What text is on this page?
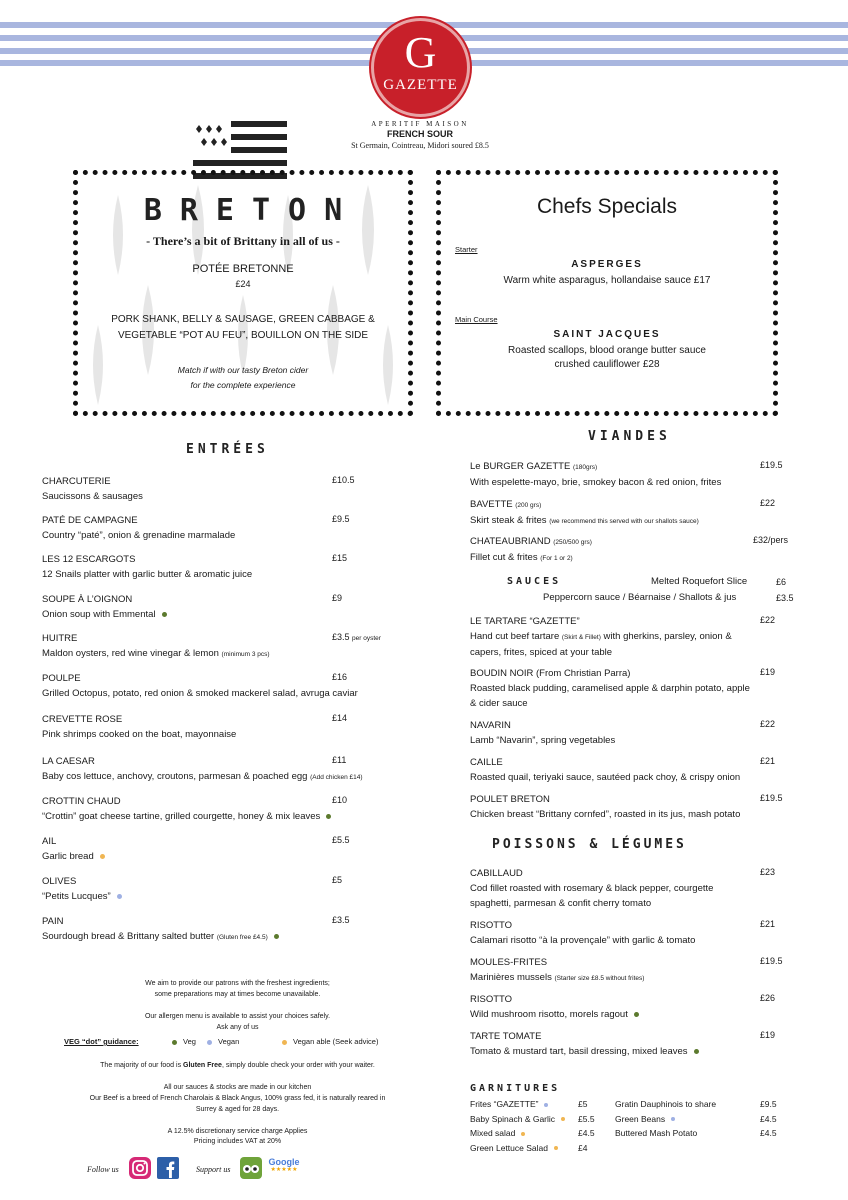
G
GAZETTE
APERITIF MAISON
FRENCH SOUR
St Germain, Cointreau, Midori soured £8.5
BRETON
- There’s a bit of Brittany in all of us -
POTÉE BRETONNE
£24
PORK SHANK, BELLY & SAUSAGE, GREEN CABBAGE & VEGETABLE “POT AU FEU”, BOUILLON ON THE SIDE
Match if with our tasty Breton cider
for the complete experience
Chefs Specials
Starter
ASPERGES
Warm white asparagus, hollandaise sauce £17
Main Course
SAINT JACQUES
Roasted scallops, blood orange butter sauce
crushed cauliflower £28
ENTRÉES
CHARCUTERIE
Saucissons & sausages
£10.5
PATÉ DE CAMPAGNE
Country “paté”, onion & grenadine marmalade
£9.5
LES 12 ESCARGOTS
12 Snails platter with garlic butter & aromatic juice
£15
SOUPE À L’OIGNON
Onion soup with Emmental
£9
HUITRE
Maldon oysters, red wine vinegar & lemon (minimum 3 pcs)
£3.5 per oyster
POULPE
Grilled Octopus, potato, red onion & smoked mackerel salad, avruga caviar
£16
CREVETTE ROSE
Pink shrimps cooked on the boat, mayonnaise
£14
LA CAESAR
Baby cos lettuce, anchovy, croutons, parmesan & poached egg (Add chicken £14)
£11
CROTTIN CHAUD
“Crottin” goat cheese tartine, grilled courgette, honey & mix leaves
£10
AIL
Garlic bread
£5.5
OLIVES
“Petits Lucques”
£5
PAIN
Sourdough bread & Brittany salted butter (Gluten free £4.5)
£3.5
VIANDES
Le BURGER GAZETTE (180grs)
With espelette-mayo, brie, smokey bacon & red onion, frites
£19.5
BAVETTE (200 grs)
Skirt steak & frites (we recommend this served with our shallots sauce)
£22
CHATEAUBRIAND (250/500 grs)
Fillet cut & frites (For 1 or 2)
£32/pers
SAUCES	Melted Roquefort Slice	£6
Peppercorn sauce / Béarnaise / Shallots & jus	£3.5
LE TARTARE “GAZETTE”
Hand cut beef tartare (Skirt & Fillet) with gherkins, parsley, onion &
capers, frites, spiced at your table
£22
BOUDIN NOIR (From Christian Parra)
Roasted black pudding, caramelised apple & darphin potato, apple
& cider sauce
£19
NAVARIN
Lamb “Navarin”, spring vegetables
£22
CAILLE
Roasted quail, teriyaki sauce, sautéed pack choy, & crispy onion
£21
POULET BRETON
Chicken breast “Brittany cornfed”, roasted in its jus, mash potato
£19.5
POISSONS & LÉGUMES
CABILLAUD
Cod fillet roasted with rosemary & black pepper, courgette
spaghetti, parmesan & confit cherry tomato
£23
RISOTTO
Calamari risotto “à la provençale” with garlic & tomato
£21
MOULES-FRITES
Marinières mussels (Starter size £8.5 without frites)
£19.5
RISOTTO
Wild mushroom risotto, morels ragout
£26
TARTE TOMATE
Tomato & mustard tart, basil dressing, mixed leaves
£19
GARNITURES
Frites “GAZETTE”	£5
Baby Spinach & Garlic	£5.5
Mixed salad	£4.5
Green Lettuce Salad	£4
Gratin Dauphinois to share	£9.5
Green Beans	£4.5
Buttered Mash Potato	£4.5
We aim to provide our patrons with the freshest ingredients;
some preparations may at times become unavailable.
Our allergen menu is available to assist your choices safely.
Ask any of us
VEG “dot” guidance:	Veg	Vegan	Vegan able (Seek advice)
The majority of our food is Gluten Free, simply double check your order with your waiter.
All our sauces & stocks are made in our kitchen
Our Beef is a breed of French Charolais & Black Angus, 100% grass fed, it is naturally reared in
Surrey & aged for 28 days.
A 12.5% discretionary service charge Applies
Pricing includes VAT at 20%
Follow us	Support us
Google
★★★★★
